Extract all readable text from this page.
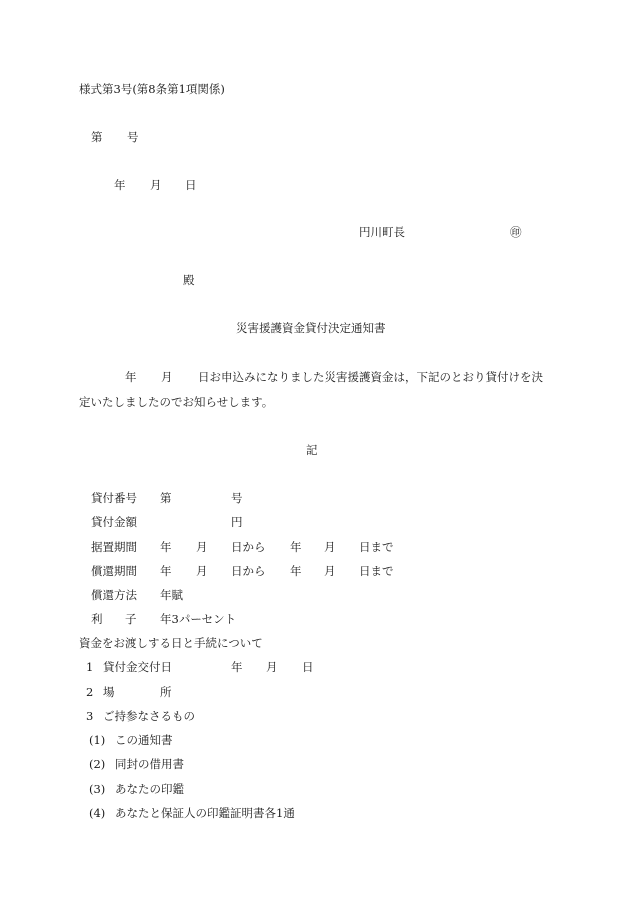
様式第3号(第8条第1項関係)
第 号
年 月 日
円川町長	㊞
殿
災害援護資金貸付決定通知書
年 月 日お申込みになりました災害援護資金は，下記のとおり貸付けを決
定いたしましたのでお知らせします。
記
貸付番号 第	号
貸付金額	円
据置期間 年 月 日から 年 月 日まで
償還期間 年 月 日から 年 月 日まで
償還方法 年賦
利 子 年3パーセント
資金をお渡しする日と手続について
1 貸付金交付日	年 月 日
2 場	所
3 ご持参なさるもの
(1) この通知書
(2) 同封の借用書
(3) あなたの印鑑
(4) あなたと保証人の印鑑証明書各1通
